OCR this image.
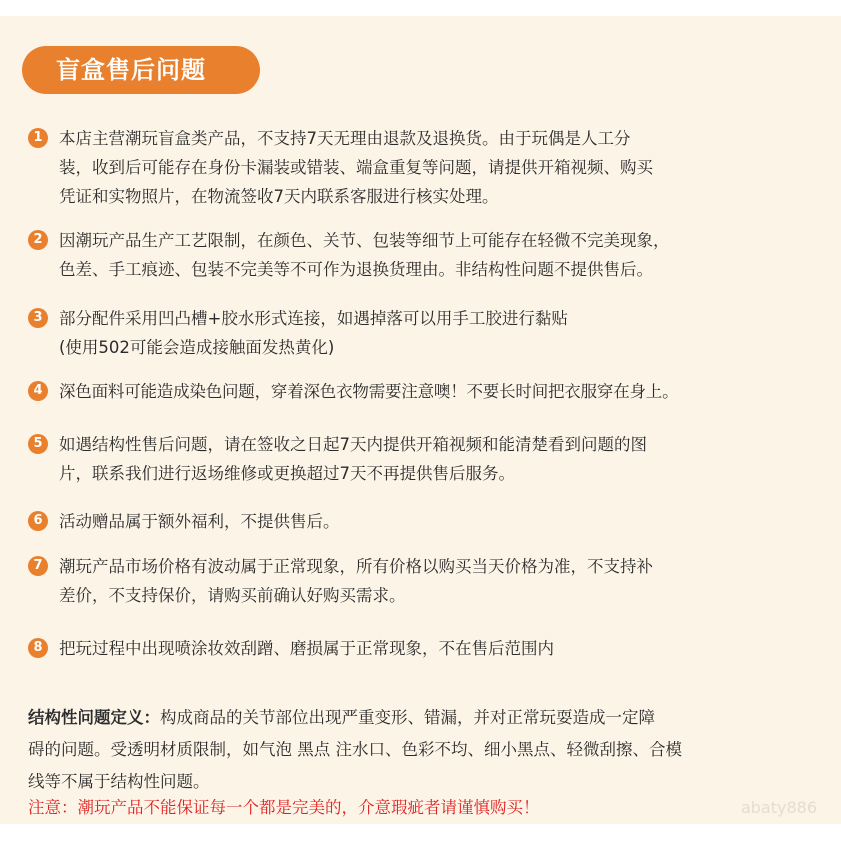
盲盒售后问题
1 本店主营潮玩盲盒类产品，不支持7天无理由退款及退换货。由于玩偶是人工分
装，收到后可能存在身份卡漏装或错装、端盒重复等问题，请提供开箱视频、购买
凭证和实物照片，在物流签收7天内联系客服进行核实处理。
2 因潮玩产品生产工艺限制，在颜色、关节、包装等细节上可能存在轻微不完美现象，
色差、手工痕迹、包装不完美等不可作为退换货理由。非结构性问题不提供售后。
3 部分配件采用凹凸槽+胶水形式连接，如遇掉落可以用手工胶进行黏贴
(使用502可能会造成接触面发热黄化)
4 深色面料可能造成染色问题，穿着深色衣物需要注意噢！不要长时间把衣服穿在身上。
5 如遇结构性售后问题，请在签收之日起7天内提供开箱视频和能清楚看到问题的图
片，联系我们进行返场维修或更换超过7天不再提供售后服务。
6 活动赠品属于额外福利，不提供售后。
7 潮玩产品市场价格有波动属于正常现象，所有价格以购买当天价格为准，不支持补
差价，不支持保价，请购买前确认好购买需求。
8 把玩过程中出现喷涂妆效刮蹭、磨损属于正常现象，不在售后范围内
结构性问题定义：构成商品的关节部位出现严重变形、错漏，并对正常玩耍造成一定障
碍的问题。受透明材质限制，如气泡 黑点 注水口、色彩不均、细小黑点、轻微刮擦、合模
线等不属于结构性问题。
注意：潮玩产品不能保证每一个都是完美的，介意瑕疵者请谨慎购买！	abaty886
